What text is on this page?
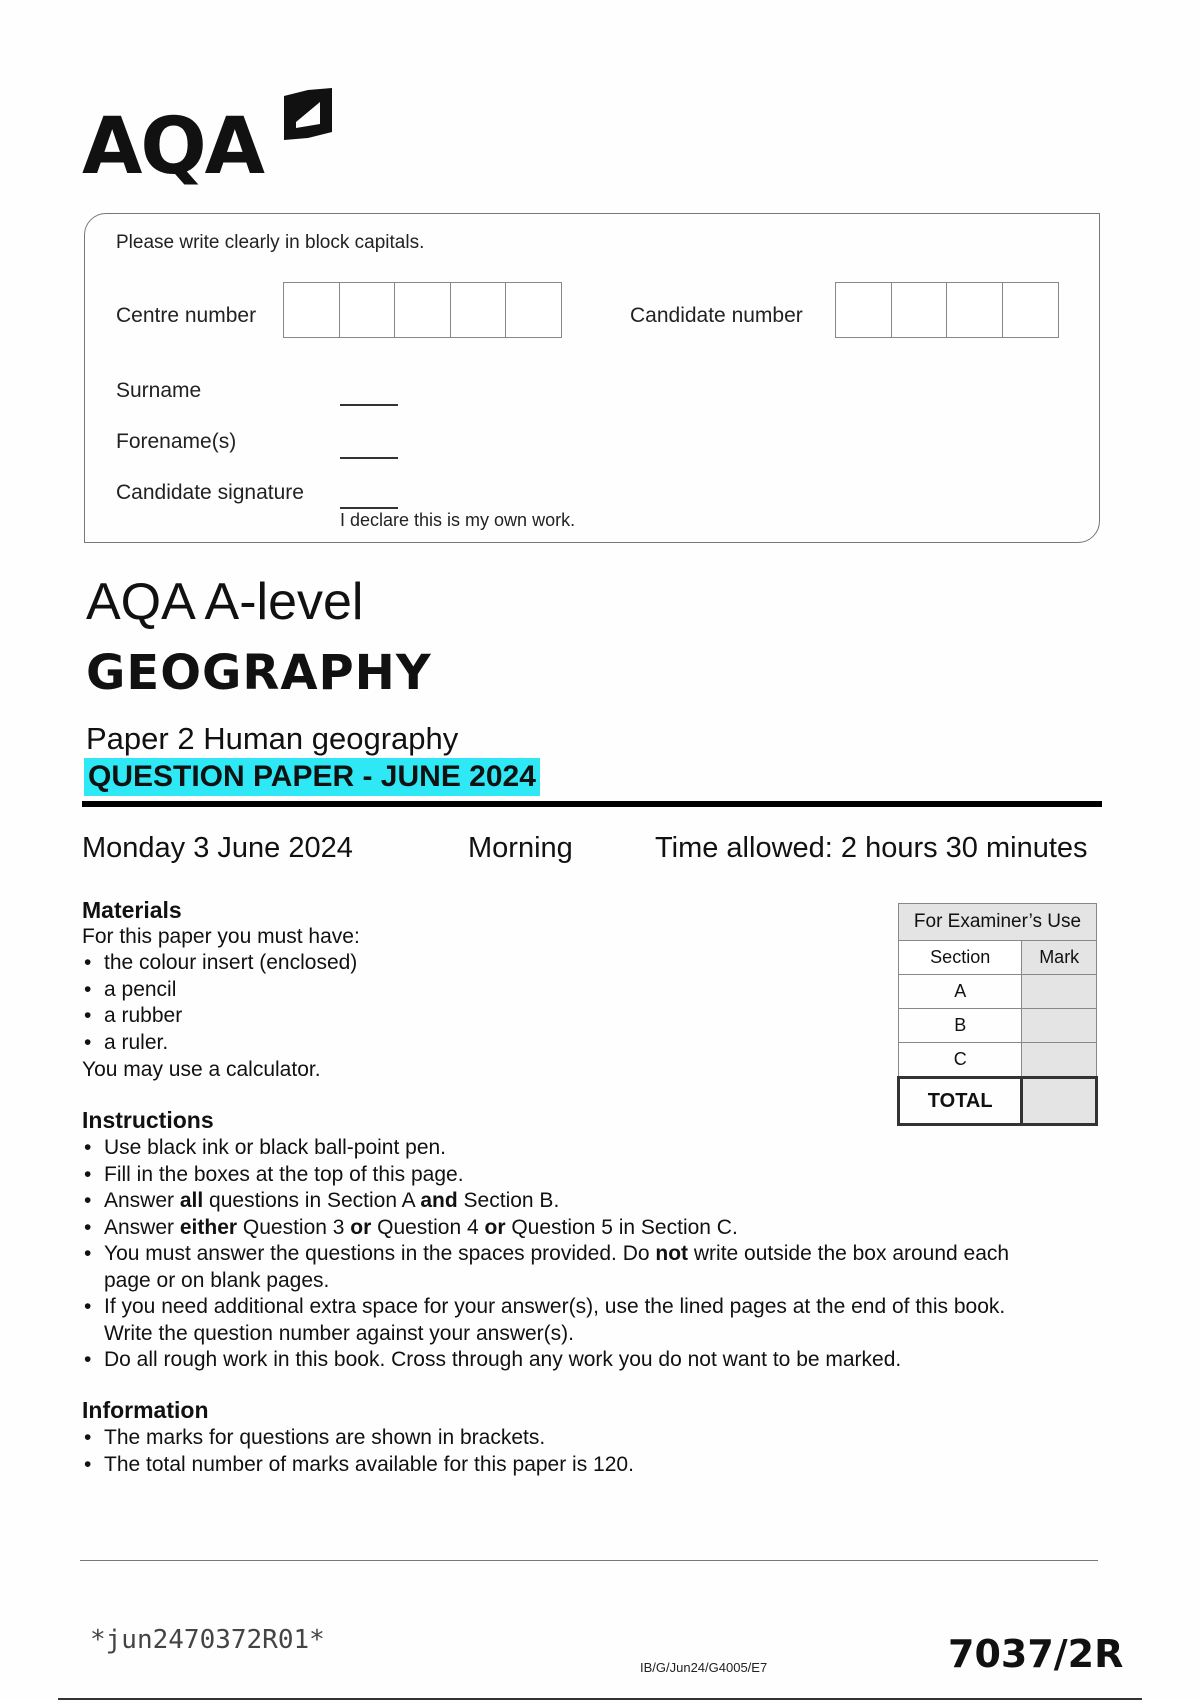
AQA
Please write clearly in block capitals.
Centre number	Candidate number
Surname
Forename(s)
Candidate signature
I declare this is my own work.
AQA A-level
GEOGRAPHY
Paper 2 Human geography
QUESTION PAPER - JUNE 2024
Monday 3 June 2024	Morning	Time allowed: 2 hours 30 minutes
Materials
For this paper you must have:
• the colour insert (enclosed)
• a pencil
• a rubber
• a ruler.
You may use a calculator.
For Examiner’s Use	
Section	Mark
A	
B	
C	
TOTAL	
Instructions
• Use black ink or black ball-point pen.
• Fill in the boxes at the top of this page.
• Answer all questions in Section A and Section B.
• Answer either Question 3 or Question 4 or Question 5 in Section C.
• You must answer the questions in the spaces provided. Do not write outside the box around each page or on blank pages.
• If you need additional extra space for your answer(s), use the lined pages at the end of this book. Write the question number against your answer(s).
• Do all rough work in this book. Cross through any work you do not want to be marked.
Information
• The marks for questions are shown in brackets.
• The total number of marks available for this paper is 120.
*jun2470372R01*
IB/G/Jun24/G4005/E7	7037/2R
